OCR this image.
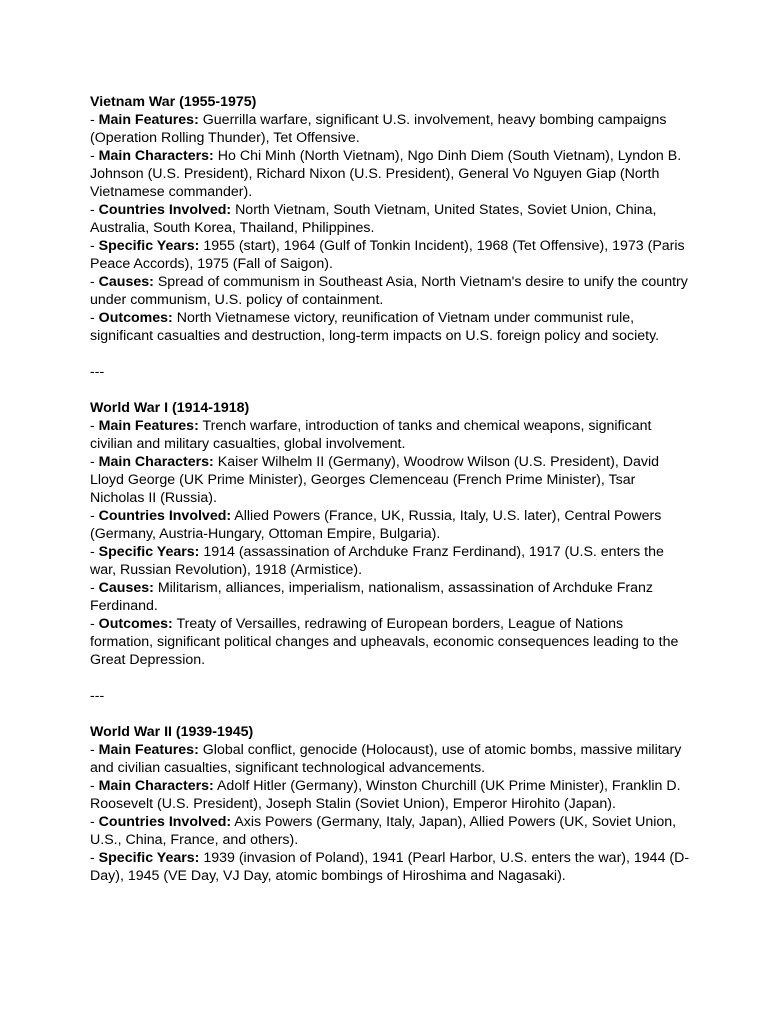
Vietnam War (1955-1975)
- Main Features: Guerrilla warfare, significant U.S. involvement, heavy bombing campaigns (Operation Rolling Thunder), Tet Offensive.
- Main Characters: Ho Chi Minh (North Vietnam), Ngo Dinh Diem (South Vietnam), Lyndon B. Johnson (U.S. President), Richard Nixon (U.S. President), General Vo Nguyen Giap (North Vietnamese commander).
- Countries Involved: North Vietnam, South Vietnam, United States, Soviet Union, China, Australia, South Korea, Thailand, Philippines.
- Specific Years: 1955 (start), 1964 (Gulf of Tonkin Incident), 1968 (Tet Offensive), 1973 (Paris Peace Accords), 1975 (Fall of Saigon).
- Causes: Spread of communism in Southeast Asia, North Vietnam's desire to unify the country under communism, U.S. policy of containment.
- Outcomes: North Vietnamese victory, reunification of Vietnam under communist rule, significant casualties and destruction, long-term impacts on U.S. foreign policy and society.
---
World War I (1914-1918)
- Main Features: Trench warfare, introduction of tanks and chemical weapons, significant civilian and military casualties, global involvement.
- Main Characters: Kaiser Wilhelm II (Germany), Woodrow Wilson (U.S. President), David Lloyd George (UK Prime Minister), Georges Clemenceau (French Prime Minister), Tsar Nicholas II (Russia).
- Countries Involved: Allied Powers (France, UK, Russia, Italy, U.S. later), Central Powers (Germany, Austria-Hungary, Ottoman Empire, Bulgaria).
- Specific Years: 1914 (assassination of Archduke Franz Ferdinand), 1917 (U.S. enters the war, Russian Revolution), 1918 (Armistice).
- Causes: Militarism, alliances, imperialism, nationalism, assassination of Archduke Franz Ferdinand.
- Outcomes: Treaty of Versailles, redrawing of European borders, League of Nations formation, significant political changes and upheavals, economic consequences leading to the Great Depression.
---
World War II (1939-1945)
- Main Features: Global conflict, genocide (Holocaust), use of atomic bombs, massive military and civilian casualties, significant technological advancements.
- Main Characters: Adolf Hitler (Germany), Winston Churchill (UK Prime Minister), Franklin D. Roosevelt (U.S. President), Joseph Stalin (Soviet Union), Emperor Hirohito (Japan).
- Countries Involved: Axis Powers (Germany, Italy, Japan), Allied Powers (UK, Soviet Union, U.S., China, France, and others).
- Specific Years: 1939 (invasion of Poland), 1941 (Pearl Harbor, U.S. enters the war), 1944 (D-Day), 1945 (VE Day, VJ Day, atomic bombings of Hiroshima and Nagasaki).
